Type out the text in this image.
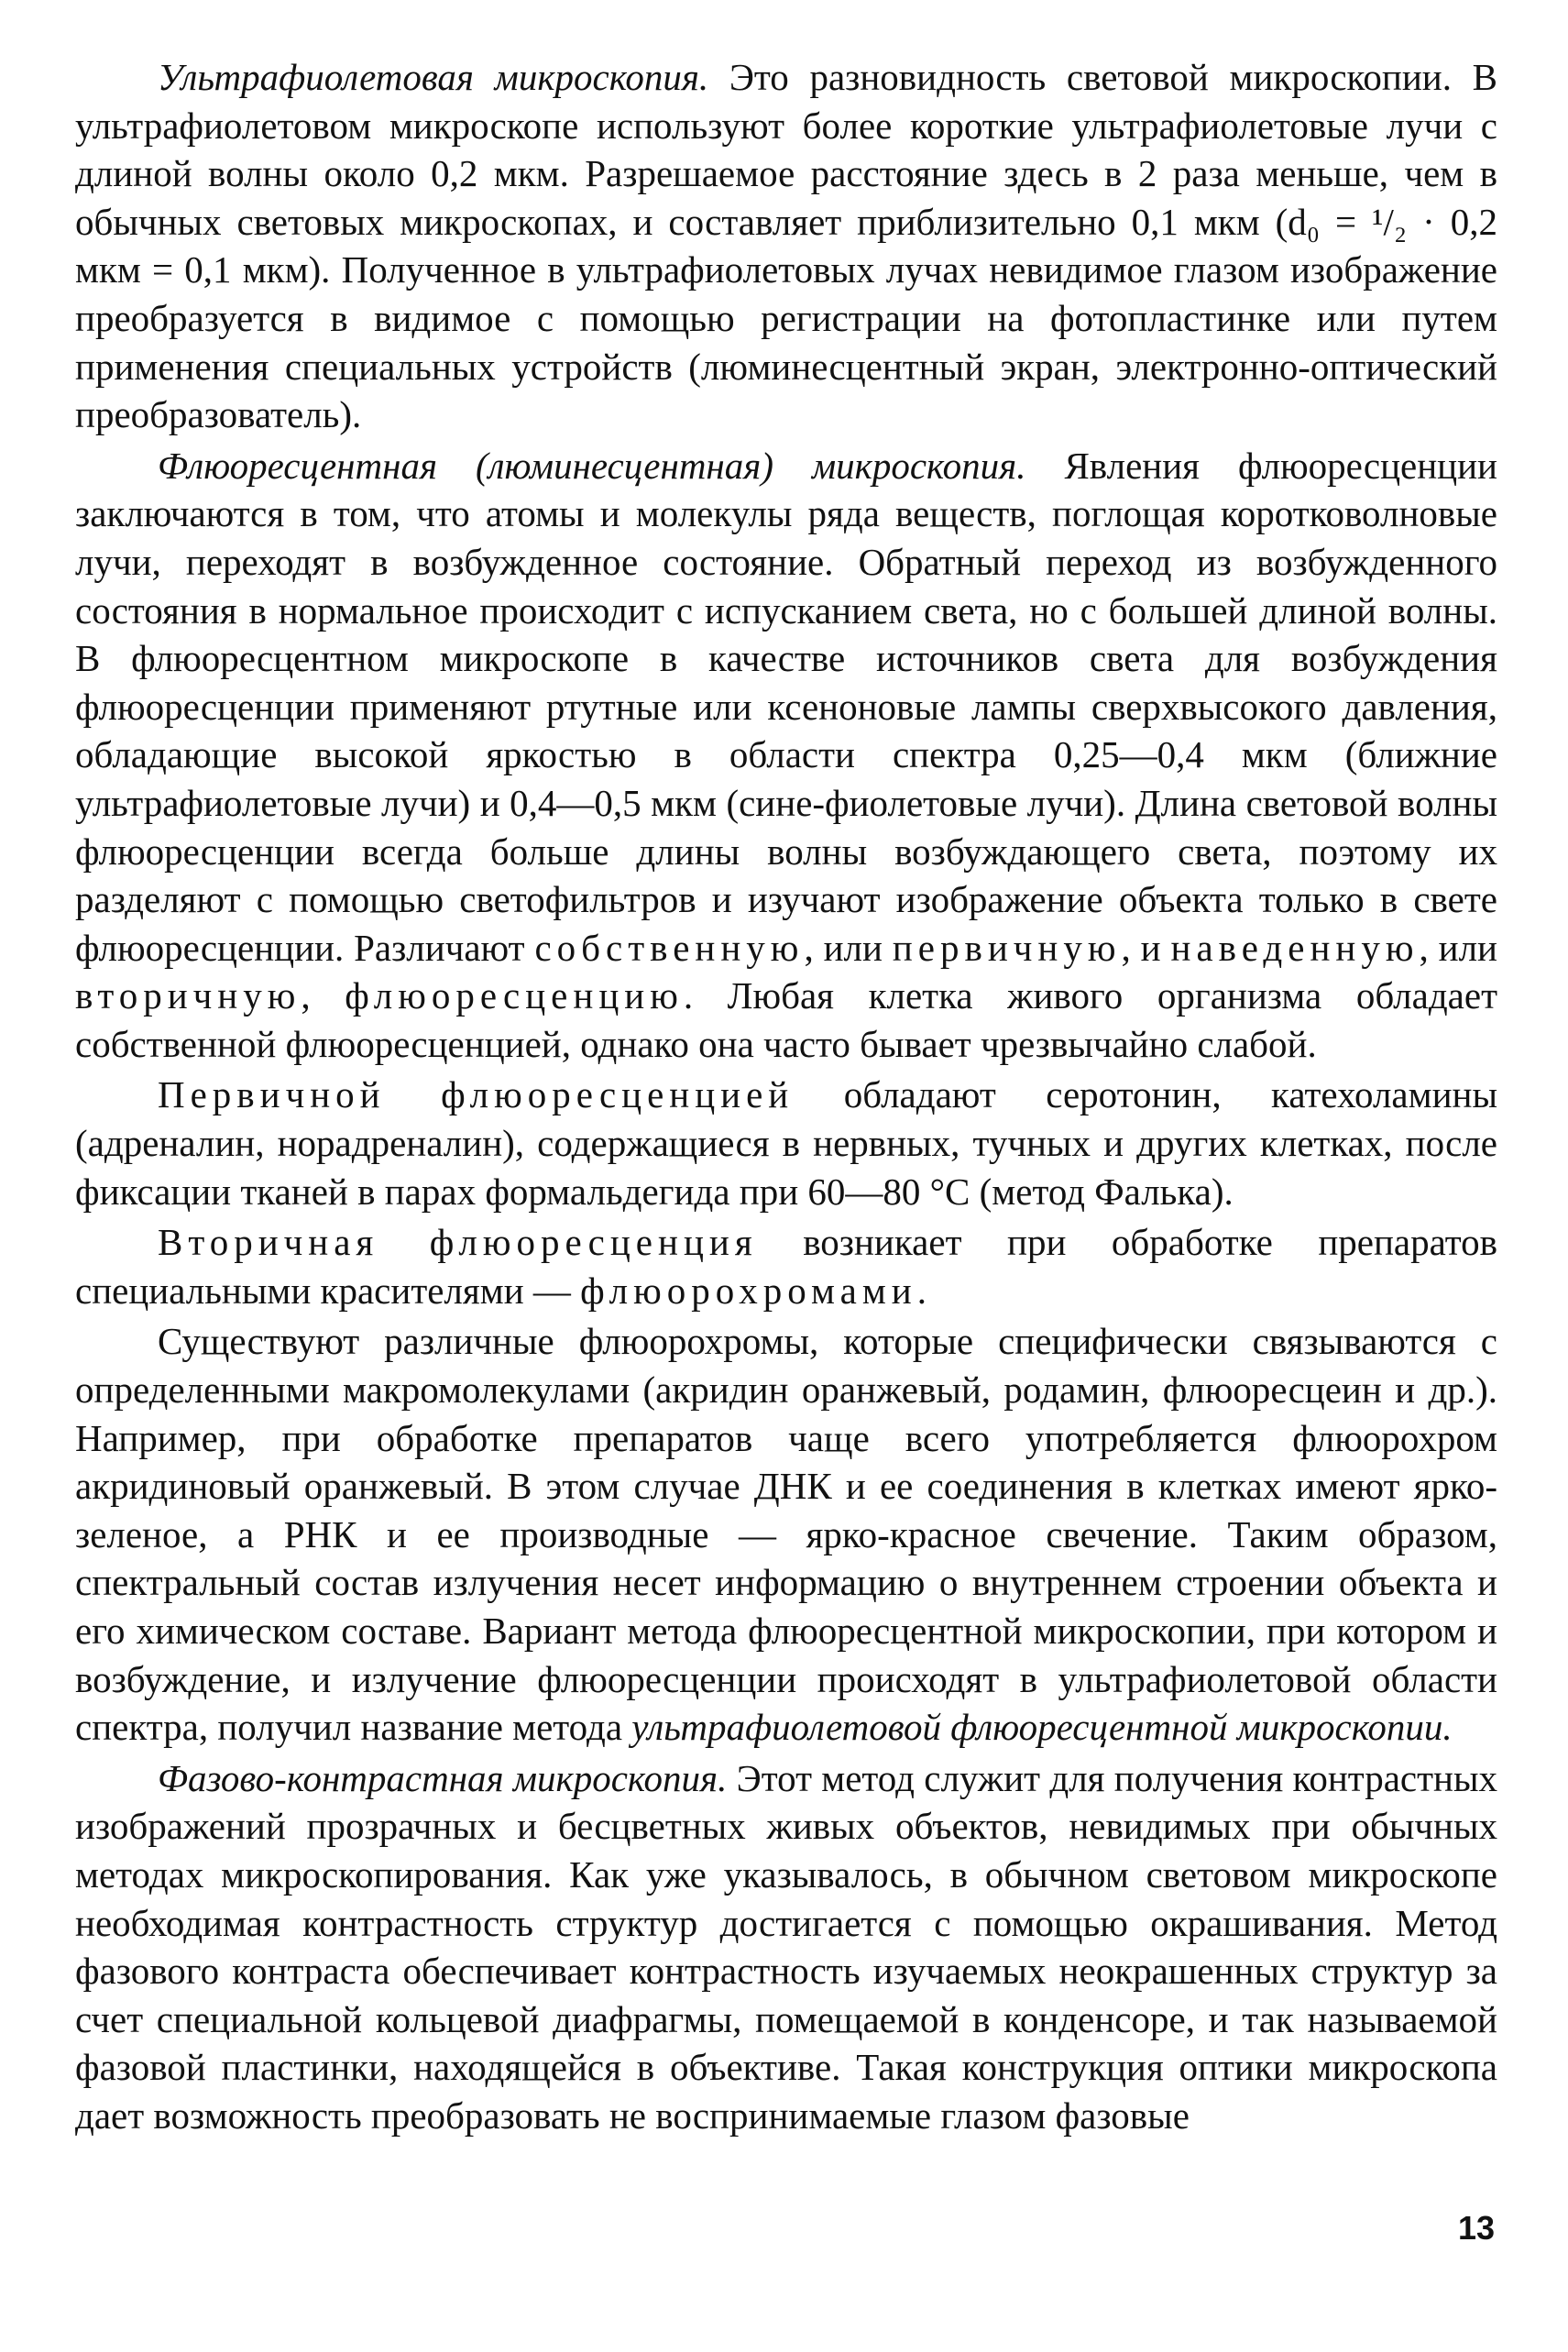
Ультрафиолетовая микроскопия. Это разновидность световой микроскопии. В ультрафиолетовом микроскопе используют более короткие ультрафиолетовые лучи с длиной волны около 0,2 мкм. Разрешаемое расстояние здесь в 2 раза меньше, чем в обычных световых микроскопах, и составляет приблизительно 0,1 мкм (d₀ = ¹/₂ · 0,2 мкм = 0,1 мкм). Полученное в ультрафиолетовых лучах невидимое глазом изображение преобразуется в видимое с помощью регистрации на фотопластинке или путем применения специальных устройств (люминесцентный экран, электронно-оптический преобразователь).

Флюоресцентная (люминесцентная) микроскопия. Явления флюоресценции заключаются в том, что атомы и молекулы ряда веществ, поглощая коротковолновые лучи, переходят в возбужденное состояние. Обратный переход из возбужденного состояния в нормальное происходит с испусканием света, но с большей длиной волны. В флюоресцентном микроскопе в качестве источников света для возбуждения флюоресценции применяют ртутные или ксеноновые лампы сверхвысокого давления, обладающие высокой яркостью в области спектра 0,25—0,4 мкм (ближние ультрафиолетовые лучи) и 0,4—0,5 мкм (сине-фиолетовые лучи). Длина световой волны флюоресценции всегда больше длины волны возбуждающего света, поэтому их разделяют с помощью светофильтров и изучают изображение объекта только в свете флюоресценции. Различают собственную, или первичную, и наведенную, или вторичную, флюоресценцию. Любая клетка живого организма обладает собственной флюоресценцией, однако она часто бывает чрезвычайно слабой.

Первичной флюоресценцией обладают серотонин, катехоламины (адреналин, норадреналин), содержащиеся в нервных, тучных и других клетках, после фиксации тканей в парах формальдегида при 60—80 °С (метод Фалька).

Вторичная флюоресценция возникает при обработке препаратов специальными красителями — флюорохромами.

Существуют различные флюорохромы, которые специфически связываются с определенными макромолекулами (акридин оранжевый, родамин, флюоресцеин и др.). Например, при обработке препаратов чаще всего употребляется флюорохром акридиновый оранжевый. В этом случае ДНК и ее соединения в клетках имеют ярко-зеленое, а РНК и ее производные — ярко-красное свечение. Таким образом, спектральный состав излучения несет информацию о внутреннем строении объекта и его химическом составе. Вариант метода флюоресцентной микроскопии, при котором и возбуждение, и излучение флюоресценции происходят в ультрафиолетовой области спектра, получил название метода ультрафиолетовой флюоресцентной микроскопии.

Фазово-контрастная микроскопия. Этот метод служит для получения контрастных изображений прозрачных и бесцветных живых объектов, невидимых при обычных методах микроскопирования. Как уже указывалось, в обычном световом микроскопе необходимая контрастность структур достигается с помощью окрашивания. Метод фазового контраста обеспечивает контрастность изучаемых неокрашенных структур за счет специальной кольцевой диафрагмы, помещаемой в конденсоре, и так называемой фазовой пластинки, находящейся в объективе. Такая конструкция оптики микроскопа дает возможность преобразовать не воспринимаемые глазом фазовые

13
